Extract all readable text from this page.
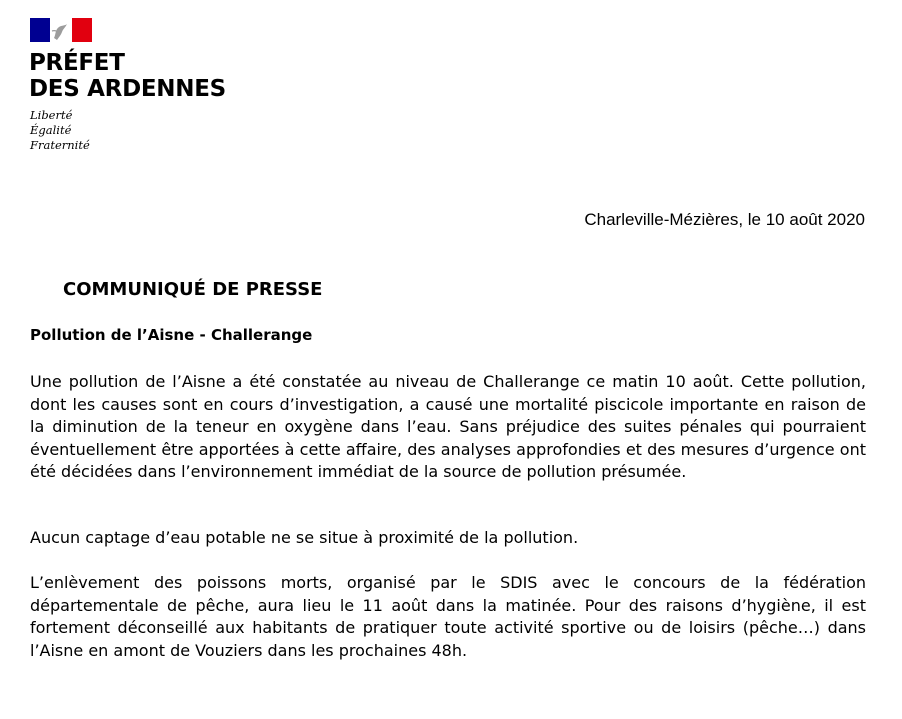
PRÉFET
DES ARDENNES
Liberté
Égalité
Fraternité
Charleville-Mézières, le 10 août 2020
COMMUNIQUÉ DE PRESSE
Pollution de l’Aisne - Challerange

Une pollution de l’Aisne a été constatée au niveau de Challerange ce matin 10 août. Cette pollution, dont les causes sont en cours d’investigation, a causé une mortalité piscicole importante en raison de la diminution de la teneur en oxygène dans l’eau. Sans préjudice des suites pénales qui pourraient éventuellement être apportées à cette affaire, des analyses approfondies et des mesures d’urgence ont été décidées dans l’environnement immédiat de la source de pollution présumée.

Aucun captage d’eau potable ne se situe à proximité de la pollution.

L’enlèvement des poissons morts, organisé par le SDIS avec le concours de la fédération départementale de pêche, aura lieu le 11 août dans la matinée. Pour des raisons d’hygiène, il est fortement déconseillé aux habitants de pratiquer toute activité sportive ou de loisirs (pêche…) dans l’Aisne en amont de Vouziers dans les prochaines 48h.
